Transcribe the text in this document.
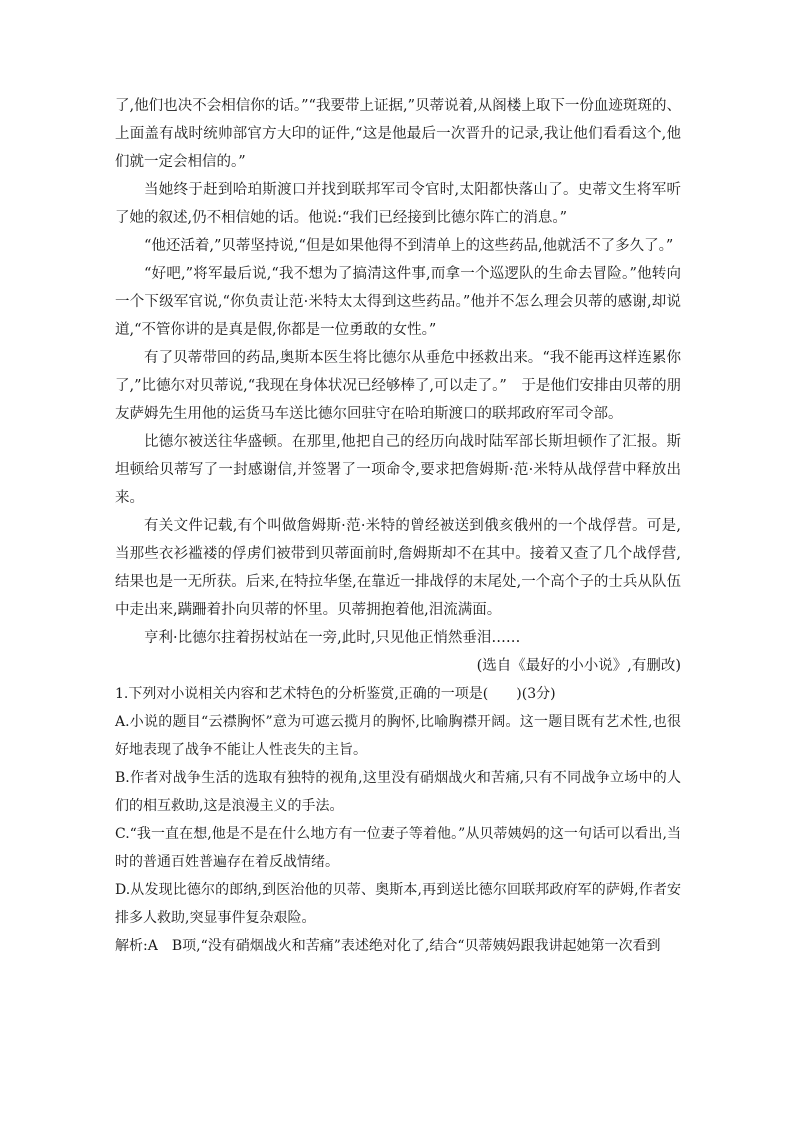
了,他们也决不会相信你的话。”“我要带上证据,”贝蒂说着,从阁楼上取下一份血迹斑斑的、上面盖有战时统帅部官方大印的证件,“这是他最后一次晋升的记录,我让他们看看这个,他们就一定会相信的。”

当她终于赶到哈珀斯渡口并找到联邦军司令官时,太阳都快落山了。史蒂文生将军听了她的叙述,仍不相信她的话。他说:“我们已经接到比德尔阵亡的消息。”

“他还活着,”贝蒂坚持说,“但是如果他得不到清单上的这些药品,他就活不了多久了。”

“好吧,”将军最后说,“我不想为了搞清这件事,而拿一个巡逻队的生命去冒险。”他转向一个下级军官说,“你负责让范·米特太太得到这些药品。”他并不怎么理会贝蒂的感谢,却说道,“不管你讲的是真是假,你都是一位勇敢的女性。”

有了贝蒂带回的药品,奥斯本医生将比德尔从垂危中拯救出来。“我不能再这样连累你了,”比德尔对贝蒂说,“我现在身体状况已经够棒了,可以走了。”　于是他们安排由贝蒂的朋友萨姆先生用他的运货马车送比德尔回驻守在哈珀斯渡口的联邦政府军司令部。

比德尔被送往华盛顿。在那里,他把自己的经历向战时陆军部长斯坦顿作了汇报。斯坦顿给贝蒂写了一封感谢信,并签署了一项命令,要求把詹姆斯·范·米特从战俘营中释放出来。

有关文件记载,有个叫做詹姆斯·范·米特的曾经被送到俄亥俄州的一个战俘营。可是,当那些衣衫褴褛的俘虏们被带到贝蒂面前时,詹姆斯却不在其中。接着又查了几个战俘营,结果也是一无所获。后来,在特拉华堡,在靠近一排战俘的末尾处,一个高个子的士兵从队伍中走出来,蹒跚着扑向贝蒂的怀里。贝蒂拥抱着他,泪流满面。

亨利·比德尔拄着拐杖站在一旁,此时,只见他正悄然垂泪……

(选自《最好的小小说》,有删改)

1.下列对小说相关内容和艺术特色的分析鉴赏,正确的一项是(　　)(3分)

A.小说的题目“云襟胸怀”意为可遮云揽月的胸怀,比喻胸襟开阔。这一题目既有艺术性,也很好地表现了战争不能让人性丧失的主旨。

B.作者对战争生活的选取有独特的视角,这里没有硝烟战火和苦痛,只有不同战争立场中的人们的相互救助,这是浪漫主义的手法。

C.“我一直在想,他是不是在什么地方有一位妻子等着他。”从贝蒂姨妈的这一句话可以看出,当时的普通百姓普遍存在着反战情绪。

D.从发现比德尔的郎纳,到医治他的贝蒂、奥斯本,再到送比德尔回联邦政府军的萨姆,作者安排多人救助,突显事件复杂艰险。

解析:A　B项,“没有硝烟战火和苦痛”表述绝对化了,结合“贝蒂姨妈跟我讲起她第一次看到
